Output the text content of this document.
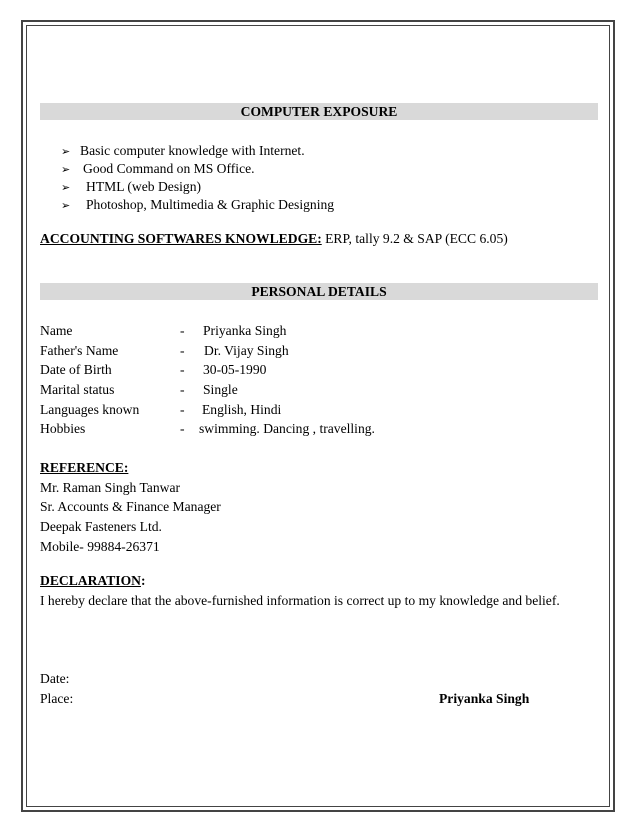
COMPUTER EXPOSURE
➢ Basic computer knowledge with Internet.
➢ Good Command on MS Office.
➢ HTML (web Design)
➢ Photoshop, Multimedia & Graphic Designing
ACCOUNTING SOFTWARES KNOWLEDGE: ERP, tally 9.2 & SAP (ECC 6.05)
PERSONAL DETAILS
Name	- Priyanka Singh
Father's Name	- Dr. Vijay Singh
Date of Birth	- 30-05-1990
Marital status	- Single
Languages known	- English, Hindi
Hobbies	- swimming. Dancing , travelling.
REFERENCE:
Mr. Raman Singh Tanwar
Sr. Accounts & Finance Manager
Deepak Fasteners Ltd.
Mobile- 99884-26371
DECLARATION:
I hereby declare that the above-furnished information is correct up to my knowledge and belief.
Date:
Place:	Priyanka Singh
